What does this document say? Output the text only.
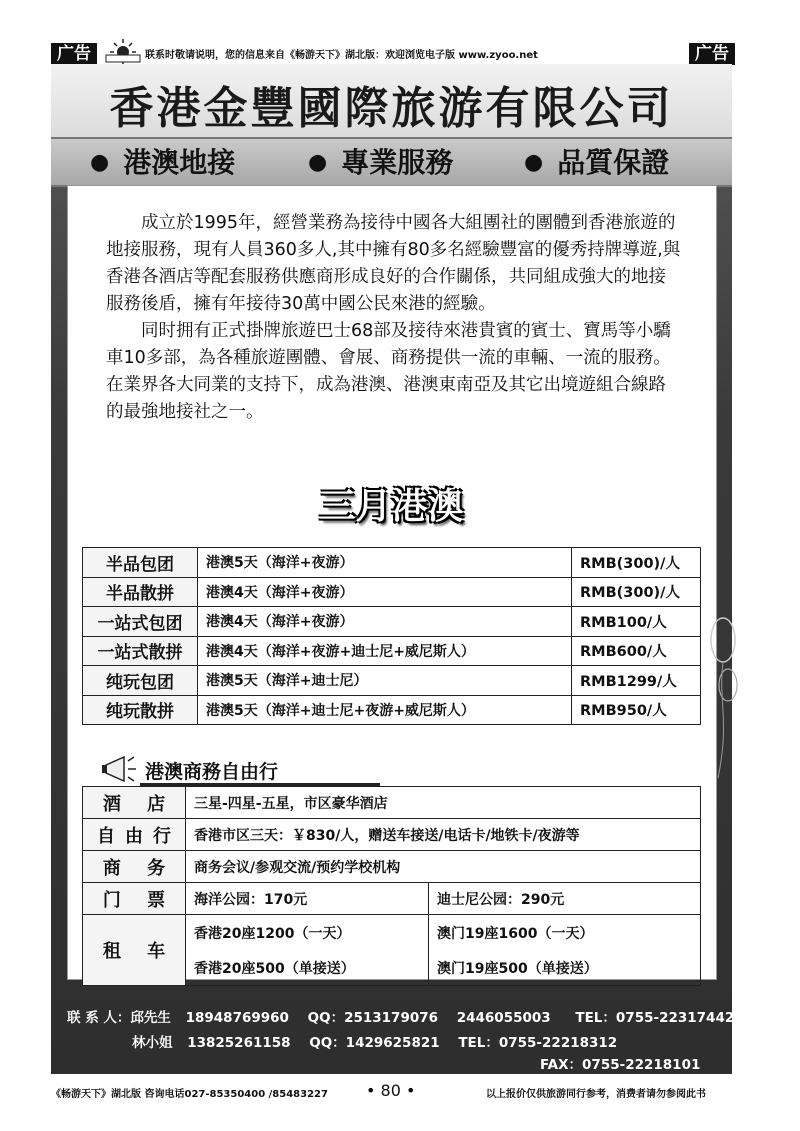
广告	联系时敬请说明，您的信息来自《畅游天下》湖北版：欢迎浏览电子版 www.zyoo.net	广告
香港金豐國際旅游有限公司
● 港澳地接	● 專業服務	● 品質保證

成立於1995年，經營業務為接待中國各大組團社的團體到香港旅遊的地接服務，現有人員360多人,其中擁有80多名經驗豐富的優秀持牌導遊,與香港各酒店等配套服務供應商形成良好的合作關係，共同組成強大的地接服務後盾，擁有年接待30萬中國公民來港的經驗。

同时拥有正式掛牌旅遊巴士68部及接待來港貴賓的賓士、寶馬等小驕車10多部，為各種旅遊團體、會展、商務提供一流的車輛、一流的服務。在業界各大同業的支持下，成為港澳、港澳東南亞及其它出境遊組合線路的最強地接社之一。

三月港澳
半品包团	港澳5天（海洋+夜游）	RMB(300)/人
半品散拼	港澳4天（海洋+夜游）	RMB(300)/人
一站式包团	港澳4天（海洋+夜游）	RMB100/人
一站式散拼	港澳4天（海洋+夜游+迪士尼+威尼斯人）	RMB600/人
纯玩包团	港澳5天（海洋+迪士尼）	RMB1299/人
纯玩散拼	港澳5天（海洋+迪士尼+夜游+威尼斯人）	RMB950/人
港澳商務自由行
酒 店	三星-四星-五星，市区豪华酒店	
自由行	香港市区三天：￥830/人，赠送车接送/电话卡/地铁卡/夜游等	
商 务	商务会议/参观交流/预约学校机构	
门 票	海洋公园：170元	迪士尼公园：290元
租 车	香港20座1200（一天）	澳门19座1600（一天）
	香港20座500（单接送）	澳门19座500（单接送）
联 系 人：邱先生 18948769960 QQ：2513179076 2446055003 TEL：0755-22317442
林小姐 13825261158 QQ：1429625821 TEL：0755-22218312
FAX：0755-22218101
《畅游天下》湖北版 咨询电话027-85350400 /85483227 • 80 •	以上报价仅供旅游同行参考，消费者请勿参阅此书
